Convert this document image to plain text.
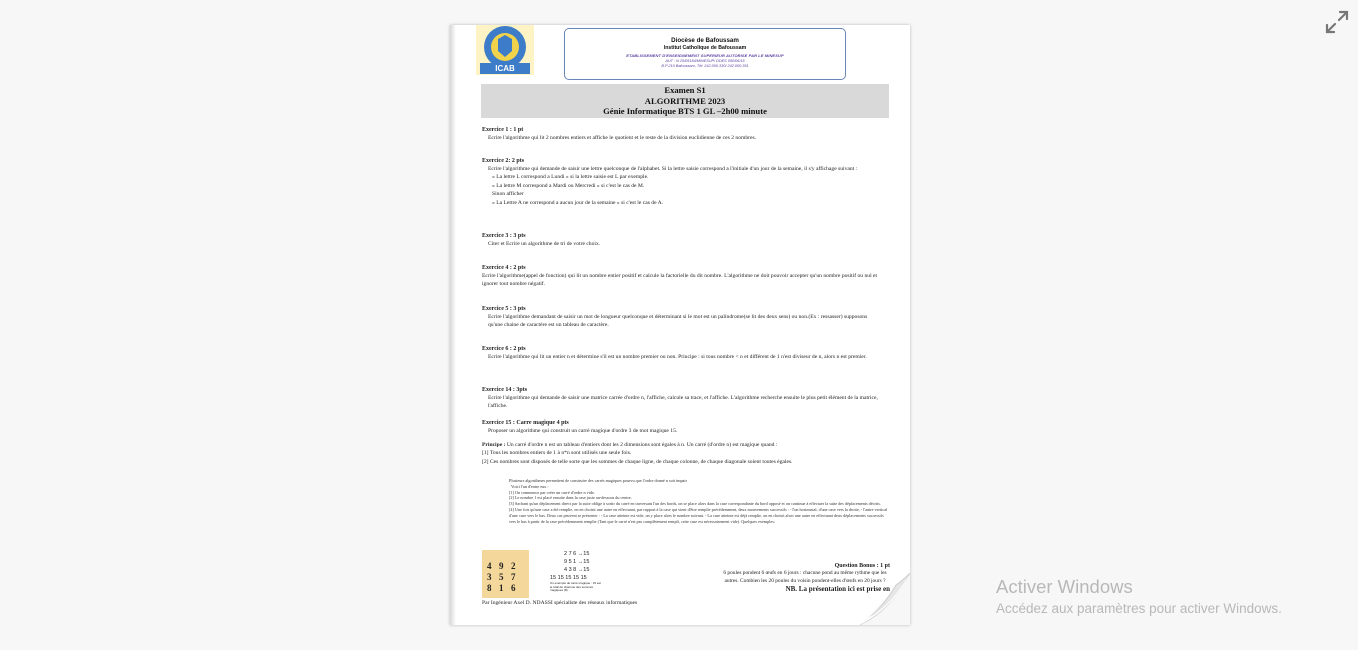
ICAB
Diocèse de Bafoussam
Institut Catholique de Bafoussam
ETABLISSEMENT D'ENSEIGNEMENT SUPERIEUR AUTORISE PAR LE MINESUP
AUT : N 25/05184/MINESUP/ DDES 050/06/15
B.P 210 Bafoussam, Tél: 242.000.330/ 242.000.351
Examen S1
ALGORITHME 2023
Génie Informatique BTS 1 GL –2h00 minute
Exercice 1 : 1 pt
Ecrire l'algorithme qui lit 2 nombres entiers et affiche le quotient et le reste de la division euclidienne de ces 2 nombres.
Exercice 2: 2 pts
Ecrire l'algorithme qui demande de saisir une lettre quelconque de l'alphabet. Si la lettre saisie correspond a l'initiale d'un jour de la semaine, il s'y affichage suivant :
« La lettre L correspond a Lundi » si la lettre saisie est L par exemple.
« La lettre M correspond a Mardi ou Mercredi » si c'est le cas de M.
Sinon afficher
« La Lettre A ne correspond a aucun jour de la semaine » si c'est le cas de A.
Exercice 3 : 3 pts
Citer et Ecrire un algorithme de tri de votre choix.
Exercice 4 : 2 pts
Ecrire l'algorithme(appel de fonction) qui lit un nombre entier positif et calcule la factorielle du dit nombre. L'algorithme ne doit pouvoir accepter qu'un nombre positif ou nul et ignorer tout nombre négatif.
Exercice 5 : 3 pts
Ecrire l'algorithme demandant de saisir un mot de longueur quelconque et déterminant si le mot est un palindrome(se lit des deux sens) ou non.(Ex : ressasser) supposons qu'une chaine de caractère est un tableau de caractère.
Exercice 6 : 2 pts
Ecrire l'algorithme qui lit un entier n et détermine s'il est un nombre premier ou non. Principe : si tous nombre < n et différent de 1 n'est diviseur de n, alors n est premier.
Exercice 14 : 3pts
Ecrire l'algorithme qui demande de saisir une matrice carrée d'ordre n, l'affiche, calcule sa trace, et l'affiche. L'algorithme recherche ensuite le plus petit élément de la matrice, l'affiche.
Exercice 15 : Carre magique 4 pts
Proposer un algorithme qui construit un carré magique d'ordre 3 de mot magique 15.
Principe : Un carré d'ordre n est un tableau d'entiers dont les 2 dimensions sont égales à n. Un carré (d'ordre n) est magique quand :
[1] Tous les nombres entiers de 1 à n*n sont utilisés une seule fois.
[2] Ces nombres sont disposés de telle sorte que les sommes de chaque ligne, de chaque colonne, de chaque diagonale soient toutes égales.
Plusieurs algorithmes permettent de construire des carrés magiques pourvu que l'ordre donné n soit impair
Voici l'un d'entre eux :
[1] On commence par créer un carré d'ordre n vide.
[2] Le nombre 1 est placé ensuite dans la case juste au-dessous du centre.
[3] Sachant qu'un déplacement direct par la suite oblige à sortir du carré en traversant l'un des bords, on se place alors dans la case correspondante du bord opposé et on continue à effectuer la suite des déplacements décrits.
[4] Une fois qu'une case a été remplie, on en choisit une autre en effectuant, par rapport à la case qui vient d'être remplie précédemment, deux mouvements successifs : - l'un horizontal, d'une case vers la droite, - l'autre vertical d'une case vers le bas. Deux cas peuvent se présenter : - La case atteinte est vide, on y place alors le nombre suivant. - La case atteinte est déjà remplie, on en choisit alors une autre en effectuant deux déplacements successifs vers le bas à partir de la case précédemment remplie (Tant que le carré n'est pas complètement rempli, cette case est nécessairement vide). Quelques exemples:
4 9 2
3 5 7
8 1 6
2 7 6 →15
9 5 1 →15
4 3 8 →15
15 15 15 15 15
Un exemple de carré magique : 15 est le total de chacune des sommes magiques (8).
Question Bonus : 1 pt
6 poules pondent 6 œufs en 6 jours : chacune pond au même rythme que les autres. Combien les 20 poules du voisin pondent-elles d'œufs en 20 jours ?
NB. La présentation ici est prise en
Par Ingénieur Axel D. NDASSI spécialiste des réseaux informatiques
Activer Windows
Accédez aux paramètres pour activer Windows.
